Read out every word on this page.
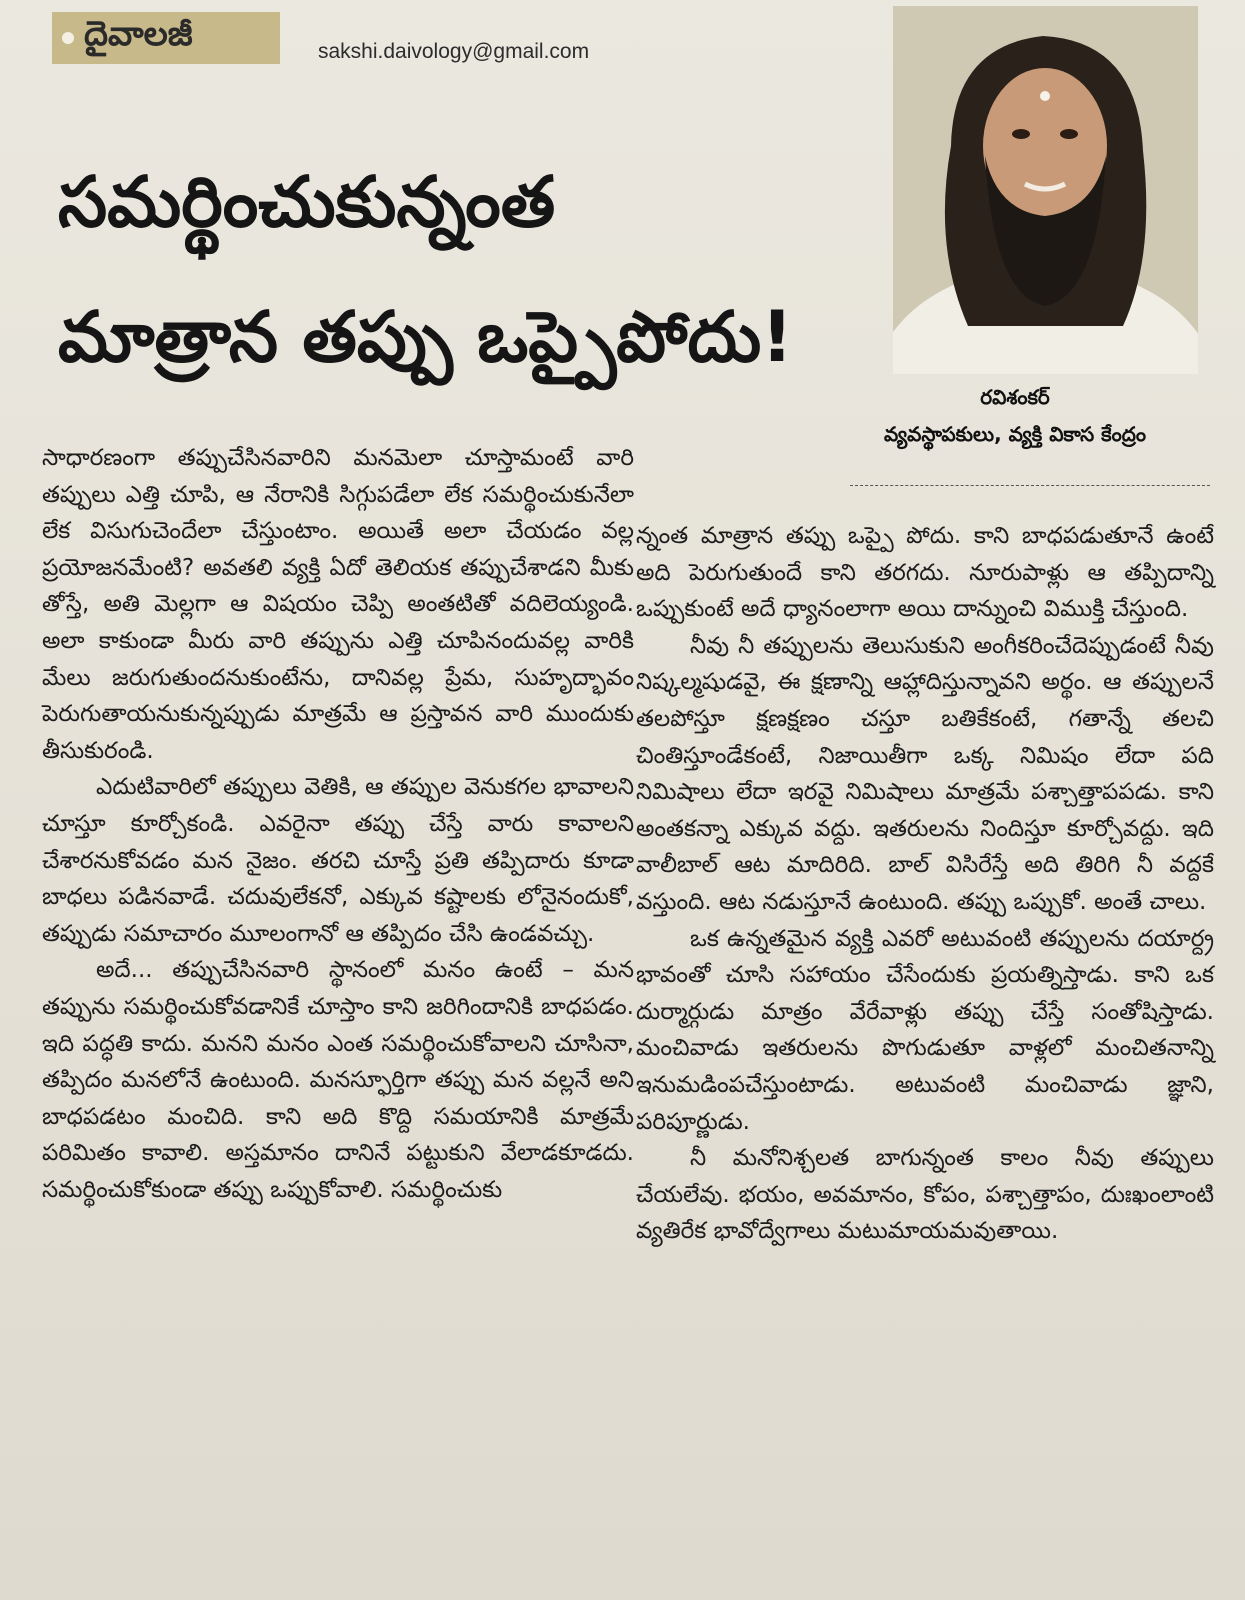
దైవాలజీ	sakshi.daivology@gmail.com
సమర్థించుకున్నంత
మాత్రాన తప్పు ఒప్పైపోదు!
రవిశంకర్
వ్యవస్థాపకులు, వ్యక్తి వికాస కేంద్రం

సాధారణంగా తప్పుచేసినవారిని మనమెలా చూస్తామంటే వారి తప్పులు ఎత్తి చూపి, ఆ నేరానికి సిగ్గుపడేలా లేక సమర్థించుకునేలా లేక విసుగుచెందేలా చేస్తుంటాం. అయితే అలా చేయడం వల్ల ప్రయోజనమేంటి? అవతలి వ్యక్తి ఏదో తెలియక తప్పుచేశాడని మీకు తోస్తే, అతి మెల్లగా ఆ విషయం చెప్పి అంతటితో వదిలెయ్యండి. అలా కాకుండా మీరు వారి తప్పును ఎత్తి చూపినందువల్ల వారికి మేలు జరుగుతుందనుకుంటేను, దానివల్ల ప్రేమ, సుహృద్భావం పెరుగుతాయనుకున్నప్పుడు మాత్రమే ఆ ప్రస్తావన వారి ముందుకు తీసుకురండి.

ఎదుటివారిలో తప్పులు వెతికి, ఆ తప్పుల వెనుకగల భావాలని చూస్తూ కూర్చోకండి. ఎవరైనా తప్పు చేస్తే వారు కావాలని చేశారనుకోవడం మన నైజం. తరచి చూస్తే ప్రతి తప్పిదారు కూడా బాధలు పడినవాడే. చదువులేకనో, ఎక్కువ కష్టాలకు లోనైనందుకో, తప్పుడు సమాచారం మూలంగానో ఆ తప్పిదం చేసి ఉండవచ్చు.

అదే... తప్పుచేసినవారి స్థానంలో మనం ఉంటే – మన తప్పును సమర్థించుకోవడానికే చూస్తాం కాని జరిగిందానికి బాధపడం. ఇది పద్ధతి కాదు. మనని మనం ఎంత సమర్థించుకోవాలని చూసినా, తప్పిదం మనలోనే ఉంటుంది. మనస్ఫూర్తిగా తప్పు మన వల్లనే అని బాధపడటం మంచిది. కాని అది కొద్ది సమయానికి మాత్రమే పరిమితం కావాలి. అస్తమానం దానినే పట్టుకుని వేలాడకూడదు. సమర్థించుకోకుండా తప్పు ఒప్పుకోవాలి. సమర్థించుకు

న్నంత మాత్రాన తప్పు ఒప్పై పోదు. కాని బాధపడుతూనే ఉంటే అది పెరుగుతుందే కాని తరగదు. నూరుపాళ్లు ఆ తప్పిదాన్ని ఒప్పుకుంటే అదే ధ్యానంలాగా అయి దాన్నుంచి విముక్తి చేస్తుంది.

నీవు నీ తప్పులను తెలుసుకుని అంగీకరించేదెప్పుడంటే నీవు నిష్కల్మషుడవై, ఈ క్షణాన్ని ఆహ్లాదిస్తున్నావని అర్థం. ఆ తప్పులనే తలపోస్తూ క్షణక్షణం చస్తూ బతికేకంటే, గతాన్నే తలచి చింతిస్తూండేకంటే, నిజాయితీగా ఒక్క నిమిషం లేదా పది నిమిషాలు లేదా ఇరవై నిమిషాలు మాత్రమే పశ్చాత్తాపపడు. కాని అంతకన్నా ఎక్కువ వద్దు. ఇతరులను నిందిస్తూ కూర్చోవద్దు. ఇది వాలీబాల్ ఆట మాదిరిది. బాల్ విసిరేస్తే అది తిరిగి నీ వద్దకే వస్తుంది. ఆట నడుస్తూనే ఉంటుంది. తప్పు ఒప్పుకో. అంతే చాలు.

ఒక ఉన్నతమైన వ్యక్తి ఎవరో అటువంటి తప్పులను దయార్ద్ర భావంతో చూసి సహాయం చేసేందుకు ప్రయత్నిస్తాడు. కాని ఒక దుర్మార్గుడు మాత్రం వేరేవాళ్లు తప్పు చేస్తే సంతోషిస్తాడు. మంచివాడు ఇతరులను పొగుడుతూ వాళ్లలో మంచితనాన్ని ఇనుమడింపచేస్తుంటాడు. అటువంటి మంచివాడు జ్ఞాని, పరిపూర్ణుడు.

నీ మనోనిశ్చలత బాగున్నంత కాలం నీవు తప్పులు చేయలేవు. భయం, అవమానం, కోపం, పశ్చాత్తాపం, దుఃఖంలాంటి వ్యతిరేక భావోద్వేగాలు మటుమాయమవుతాయి.
